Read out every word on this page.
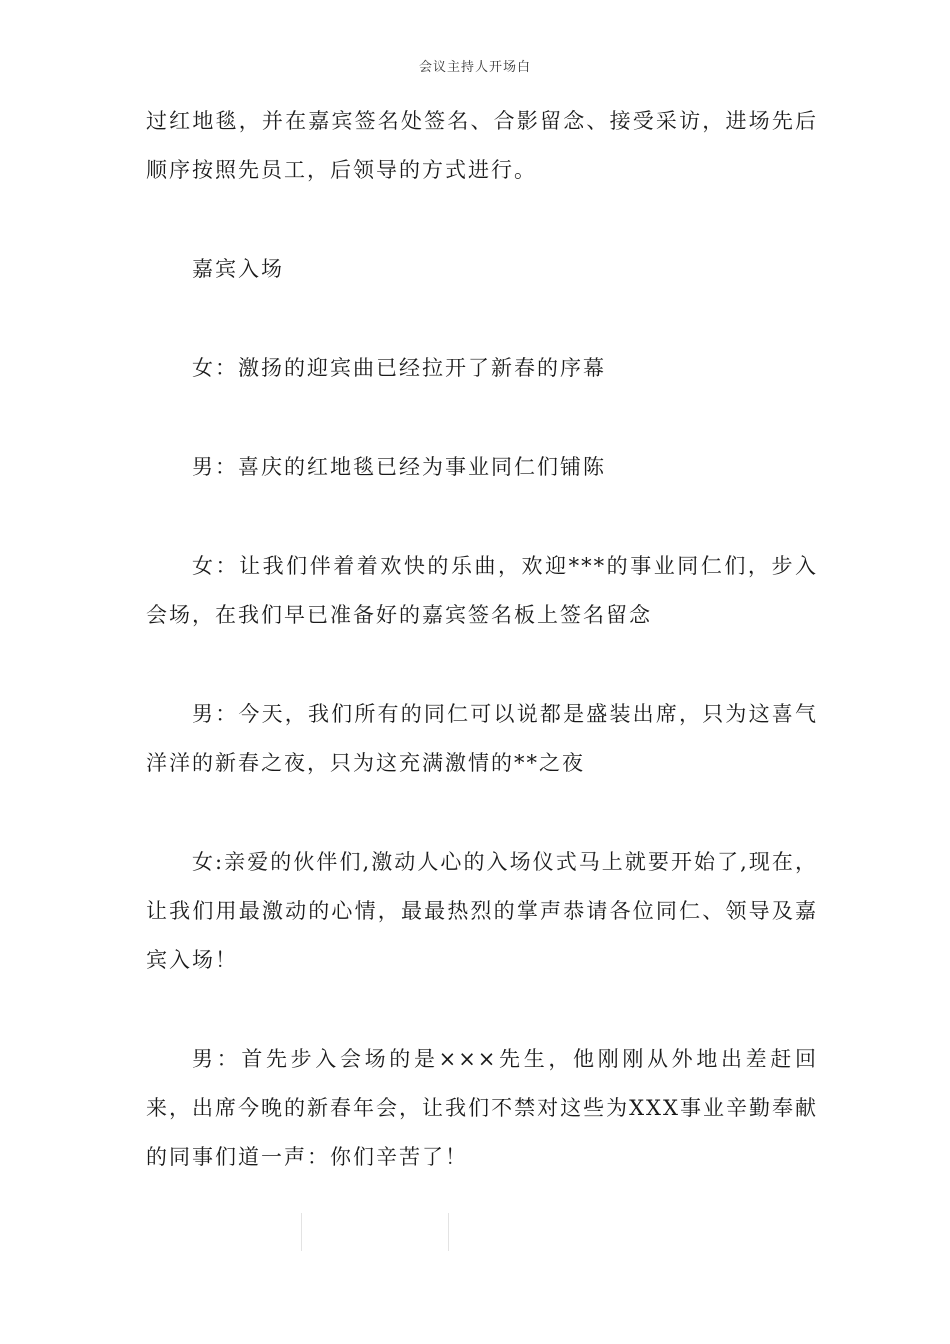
会议主持人开场白

过红地毯，并在嘉宾签名处签名、合影留念、接受采访，进场先后顺序按照先员工，后领导的方式进行。

嘉宾入场

女：激扬的迎宾曲已经拉开了新春的序幕

男：喜庆的红地毯已经为事业同仁们铺陈

女：让我们伴着着欢快的乐曲，欢迎***的事业同仁们，步入会场，在我们早已准备好的嘉宾签名板上签名留念

男：今天，我们所有的同仁可以说都是盛装出席，只为这喜气洋洋的新春之夜，只为这充满激情的**之夜

女:亲爱的伙伴们,激动人心的入场仪式马上就要开始了,现在，让我们用最激动的心情，最最热烈的掌声恭请各位同仁、领导及嘉宾入场！

男：首先步入会场的是×××先生，他刚刚从外地出差赶回来，出席今晚的新春年会，让我们不禁对这些为XXX事业辛勤奉献的同事们道一声：你们辛苦了！
